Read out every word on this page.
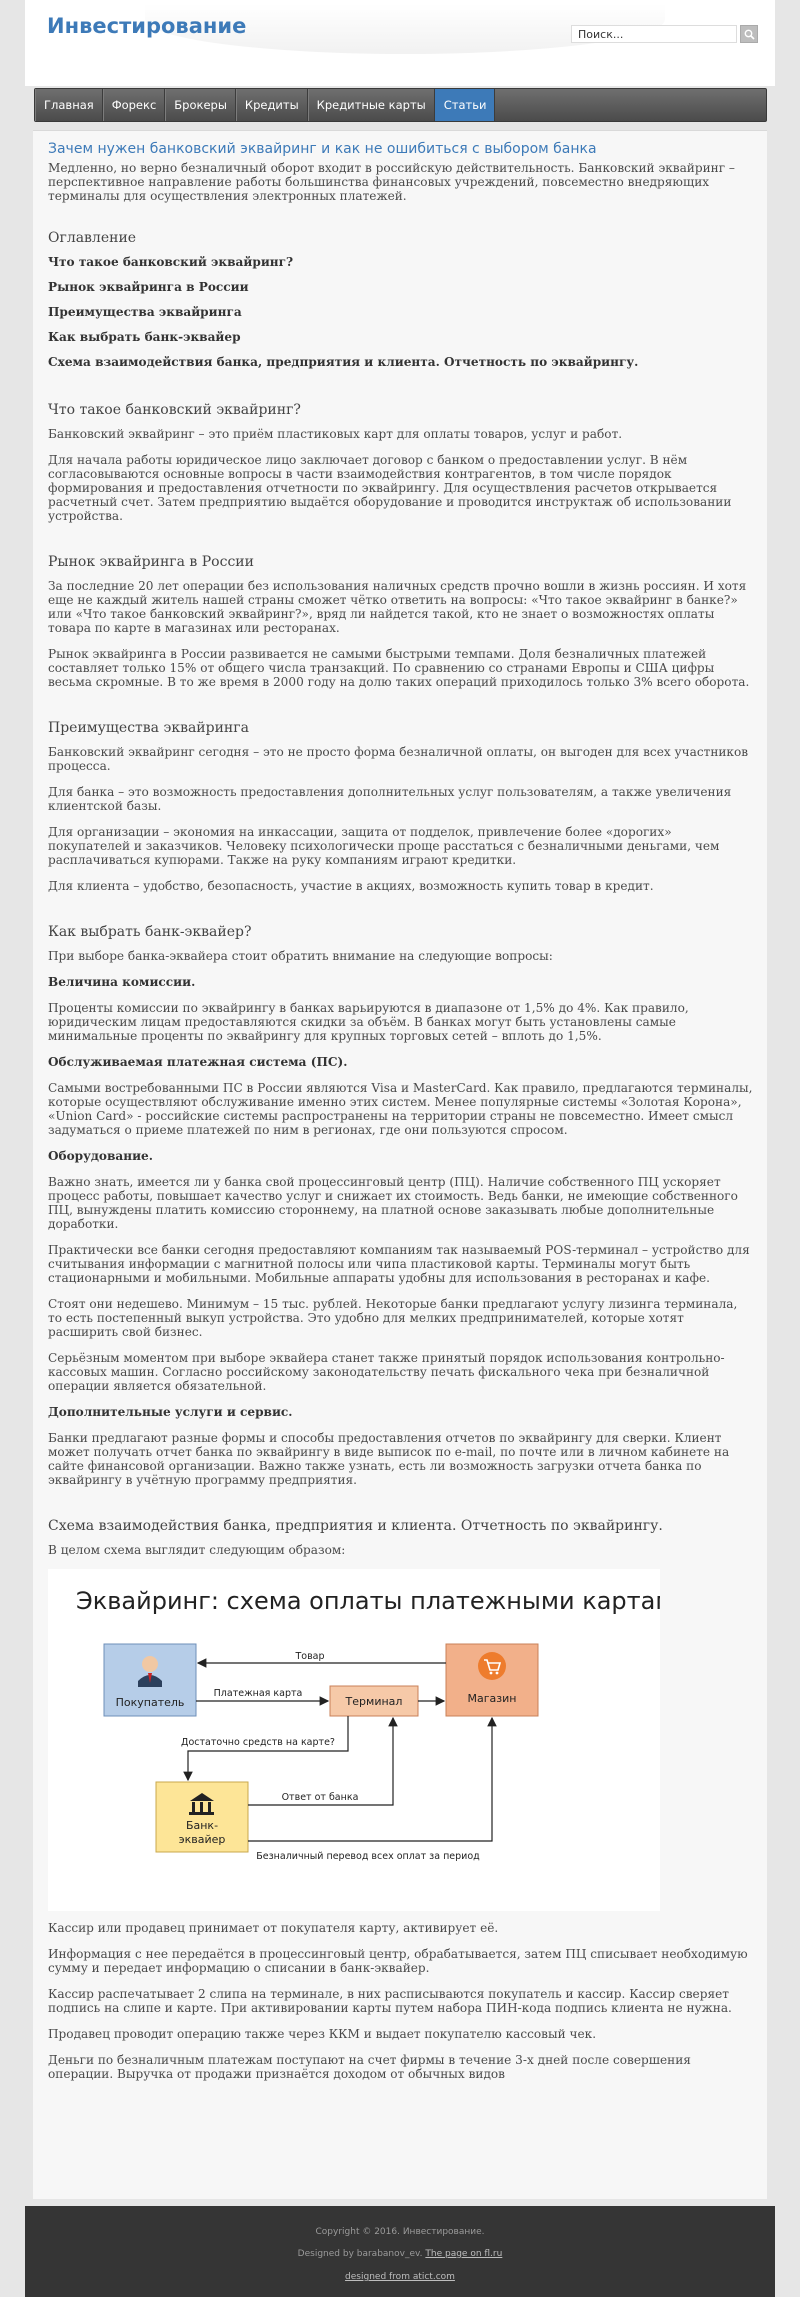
Инвестирование
Поиск...
Главная	Форекс	Брокеры	Кредиты	Кредитные карты	Статьи
Зачем нужен банковский эквайринг и как не ошибиться с выбором банка

Медленно, но верно безналичный оборот входит в российскую действительность. Банковский эквайринг – перспективное направление работы большинства финансовых учреждений, повсеместно внедряющих терминалы для осуществления электронных платежей.

Оглавление

Что такое банковский эквайринг?

Рынок эквайринга в России

Преимущества эквайринга

Как выбрать банк-эквайер

Схема взаимодействия банка, предприятия и клиента. Отчетность по эквайрингу.

Что такое банковский эквайринг?

Банковский эквайринг – это приём пластиковых карт для оплаты товаров, услуг и работ.

Для начала работы юридическое лицо заключает договор с банком о предоставлении услуг. В нём согласовываются основные вопросы в части взаимодействия контрагентов, в том числе порядок формирования и предоставления отчетности по эквайрингу. Для осуществления расчетов открывается расчетный счет. Затем предприятию выдаётся оборудование и проводится инструктаж об использовании устройства.

Рынок эквайринга в России

За последние 20 лет операции без использования наличных средств прочно вошли в жизнь россиян. И хотя еще не каждый житель нашей страны сможет чётко ответить на вопросы: «Что такое эквайринг в банке?» или «Что такое банковский эквайринг?», вряд ли найдется такой, кто не знает о возможностях оплаты товара по карте в магазинах или ресторанах.

Рынок эквайринга в России развивается не самыми быстрыми темпами. Доля безналичных платежей составляет только 15% от общего числа транзакций. По сравнению со странами Европы и США цифры весьма скромные. В то же время в 2000 году на долю таких операций приходилось только 3% всего оборота.

Преимущества эквайринга

Банковский эквайринг сегодня – это не просто форма безналичной оплаты, он выгоден для всех участников процесса.

Для банка – это возможность предоставления дополнительных услуг пользователям, а также увеличения клиентской базы.

Для организации – экономия на инкассации, защита от подделок, привлечение более «дорогих» покупателей и заказчиков. Человеку психологически проще расстаться с безналичными деньгами, чем расплачиваться купюрами. Также на руку компаниям играют кредитки.

Для клиента – удобство, безопасность, участие в акциях, возможность купить товар в кредит.

Как выбрать банк-эквайер?

При выборе банка-эквайера стоит обратить внимание на следующие вопросы:

Величина комиссии.

Проценты комиссии по эквайрингу в банках варьируются в диапазоне от 1,5% до 4%. Как правило, юридическим лицам предоставляются скидки за объём. В банках могут быть установлены самые минимальные проценты по эквайрингу для крупных торговых сетей – вплоть до 1,5%.

Обслуживаемая платежная система (ПС).

Самыми востребованными ПС в России являются Visa и MasterCard. Как правило, предлагаются терминалы, которые осуществляют обслуживание именно этих систем. Менее популярные системы «Золотая Корона», «Union Card» - российские системы распространены на территории страны не повсеместно. Имеет смысл задуматься о приеме платежей по ним в регионах, где они пользуются спросом.

Оборудование.

Важно знать, имеется ли у банка свой процессинговый центр (ПЦ). Наличие собственного ПЦ ускоряет процесс работы, повышает качество услуг и снижает их стоимость. Ведь банки, не имеющие собственного ПЦ, вынуждены платить комиссию стороннему, на платной основе заказывать любые дополнительные доработки.

Практически все банки сегодня предоставляют компаниям так называемый POS-терминал – устройство для считывания информации с магнитной полосы или чипа пластиковой карты. Терминалы могут быть стационарными и мобильными. Мобильные аппараты удобны для использования в ресторанах и кафе.

Стоят они недешево. Минимум – 15 тыс. рублей. Некоторые банки предлагают услугу лизинга терминала, то есть постепенный выкуп устройства. Это удобно для мелких предпринимателей, которые хотят расширить свой бизнес.

Серьёзным моментом при выборе эквайера станет также принятый порядок использования контрольно-кассовых машин. Согласно российскому законодательству печать фискального чека при безналичной операции является обязательной.

Дополнительные услуги и сервис.

Банки предлагают разные формы и способы предоставления отчетов по эквайрингу для сверки. Клиент может получать отчет банка по эквайрингу в виде выписок по e-mail, по почте или в личном кабинете на сайте финансовой организации. Важно также узнать, есть ли возможность загрузки отчета банка по эквайрингу в учётную программу предприятия.

Схема взаимодействия банка, предприятия и клиента. Отчетность по эквайрингу.

В целом схема выглядит следующим образом:

Эквайринг: схема оплаты платежными картами
Покупатель	Магазин
Терминал
Банк-
эквайер
Товар
Платежная карта
Достаточно средств на карте?
Ответ от банка
Безналичный перевод всех оплат за период

Кассир или продавец принимает от покупателя карту, активирует её.

Информация с нее передаётся в процессинговый центр, обрабатывается, затем ПЦ списывает необходимую сумму и передает информацию о списании в банк-эквайер.

Кассир распечатывает 2 слипа на терминале, в них расписываются покупатель и кассир. Кассир сверяет подпись на слипе и карте. При активировании карты путем набора ПИН-кода подпись клиента не нужна.

Продавец проводит операцию также через ККМ и выдает покупателю кассовый чек.

Деньги по безналичным платежам поступают на счет фирмы в течение 3-х дней после совершения операции. Выручка от продажи признаётся доходом от обычных видов

Copyright © 2016. Инвестирование.

Designed by barabanov_ev. The page on fl.ru

designed from atict.com
